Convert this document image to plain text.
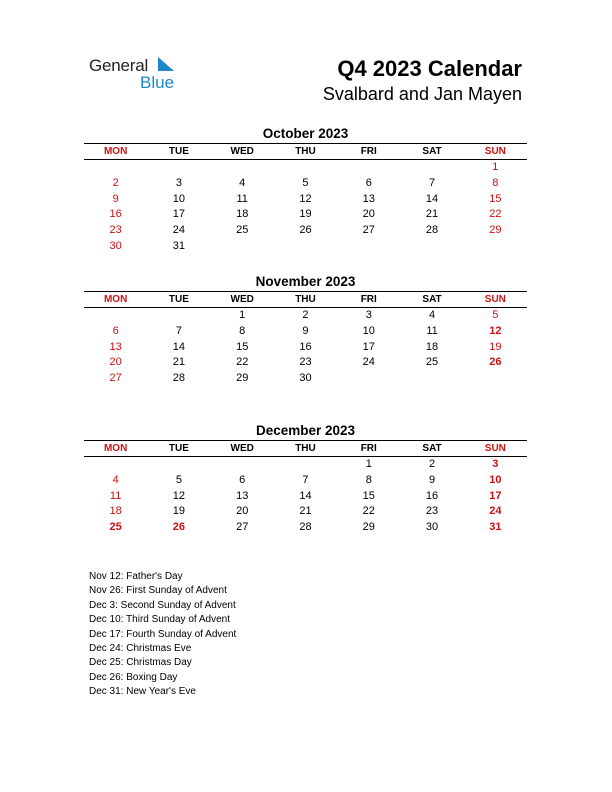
General
Blue
Q4 2023 Calendar
Svalbard and Jan Mayen
October 2023
MON	TUE	WED	THU	FRI	SAT	SUN
						1
2	3	4	5	6	7	8
9	10	11	12	13	14	15
16	17	18	19	20	21	22
23	24	25	26	27	28	29
30	31					
November 2023
MON	TUE	WED	THU	FRI	SAT	SUN
		1	2	3	4	5
6	7	8	9	10	11	12
13	14	15	16	17	18	19
20	21	22	23	24	25	26
27	28	29	30			
December 2023
MON	TUE	WED	THU	FRI	SAT	SUN
				1	2	3
4	5	6	7	8	9	10
11	12	13	14	15	16	17
18	19	20	21	22	23	24
25	26	27	28	29	30	31
Nov 12: Father's Day
Nov 26: First Sunday of Advent
Dec 3: Second Sunday of Advent
Dec 10: Third Sunday of Advent
Dec 17: Fourth Sunday of Advent
Dec 24: Christmas Eve
Dec 25: Christmas Day
Dec 26: Boxing Day
Dec 31: New Year's Eve
